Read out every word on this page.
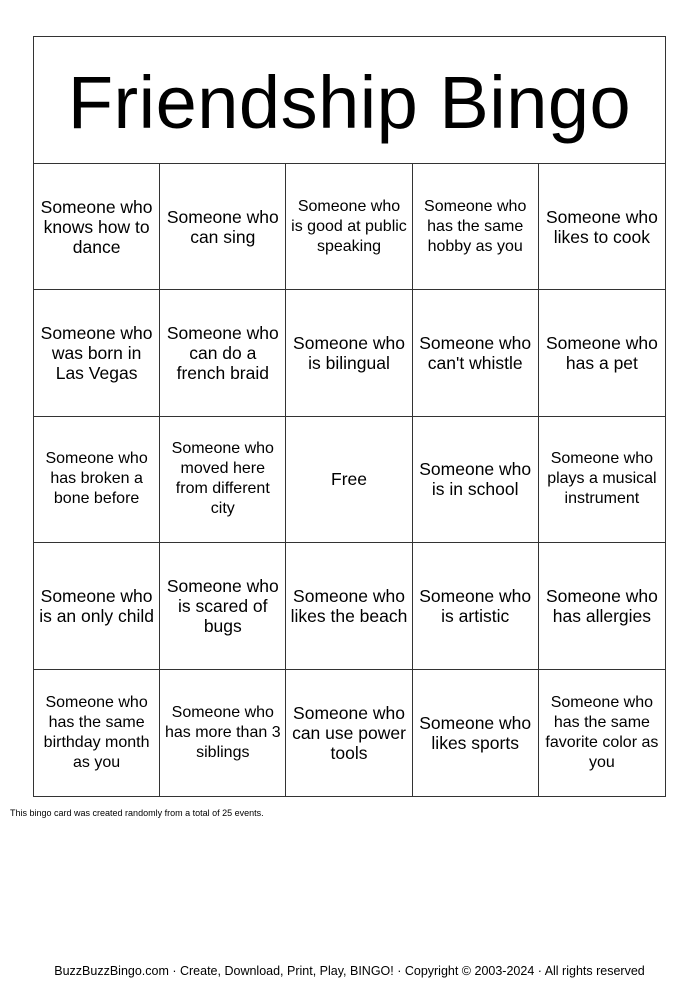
Friendship Bingo
Someone who knows how to dance
Someone who can sing
Someone who is good at public speaking
Someone who has the same hobby as you
Someone who likes to cook
Someone who was born in Las Vegas
Someone who can do a french braid
Someone who is bilingual
Someone who can't whistle
Someone who has a pet
Someone who has broken a bone before
Someone who moved here from different city
Free	Someone who is in school
Someone who plays a musical instrument
Someone who is an only child
Someone who is scared of bugs
Someone who likes the beach
Someone who is artistic
Someone who has allergies
Someone who has the same birthday month as you
Someone who has more than 3 siblings
Someone who can use power tools
Someone who likes sports
Someone who has the same favorite color as you
This bingo card was created randomly from a total of 25 events.
BuzzBuzzBingo.com · Create, Download, Print, Play, BINGO! · Copyright © 2003-2024 · All rights reserved
